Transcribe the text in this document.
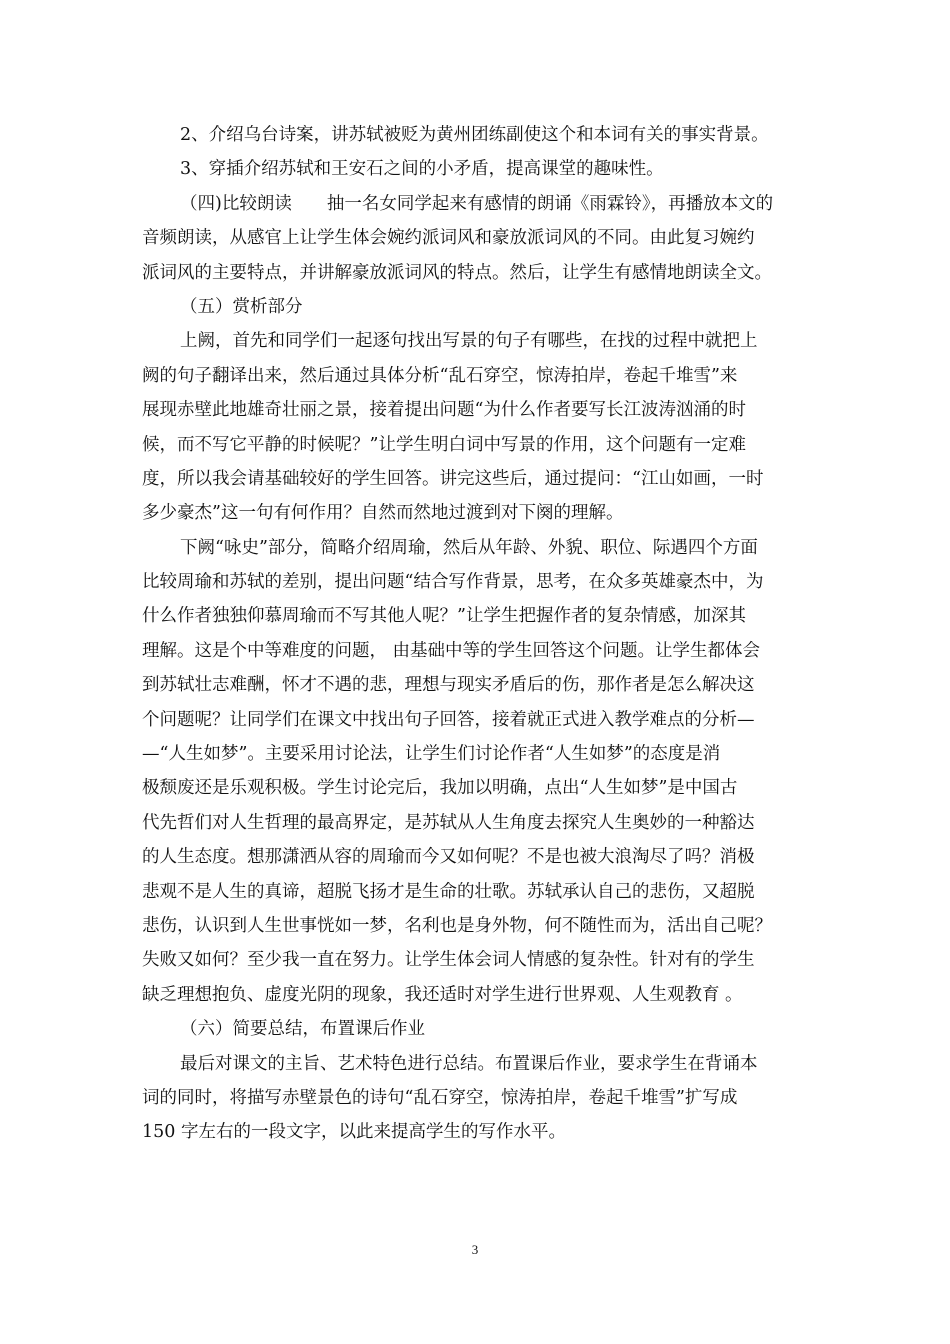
2、介绍乌台诗案，讲苏轼被贬为黄州团练副使这个和本词有关的事实背景。
3、穿插介绍苏轼和王安石之间的小矛盾，提高课堂的趣味性。
（四)比较朗读　　抽一名女同学起来有感情的朗诵《雨霖铃》，再播放本文的
音频朗读，从感官上让学生体会婉约派词风和豪放派词风的不同。由此复习婉约
派词风的主要特点，并讲解豪放派词风的特点。然后，让学生有感情地朗读全文。
（五）赏析部分
上阙，首先和同学们一起逐句找出写景的句子有哪些，在找的过程中就把上
阙的句子翻译出来，然后通过具体分析“乱石穿空，惊涛拍岸，卷起千堆雪”来
展现赤壁此地雄奇壮丽之景，接着提出问题“为什么作者要写长江波涛汹涌的时
候，而不写它平静的时候呢？”让学生明白词中写景的作用，这个问题有一定难
度，所以我会请基础较好的学生回答。讲完这些后，通过提问：“江山如画，一时
多少豪杰”这一句有何作用？自然而然地过渡到对下阕的理解。
下阙“咏史”部分，简略介绍周瑜，然后从年龄、外貌、职位、际遇四个方面
比较周瑜和苏轼的差别，提出问题“结合写作背景，思考，在众多英雄豪杰中，为
什么作者独独仰慕周瑜而不写其他人呢？”让学生把握作者的复杂情感，加深其
理解。这是个中等难度的问题， 由基础中等的学生回答这个问题。让学生都体会
到苏轼壮志难酬，怀才不遇的悲，理想与现实矛盾后的伤，那作者是怎么解决这
个问题呢？让同学们在课文中找出句子回答，接着就正式进入教学难点的分析—
—“人生如梦”。主要采用讨论法，让学生们讨论作者“人生如梦”的态度是消
极颓废还是乐观积极。学生讨论完后，我加以明确，点出“人生如梦”是中国古
代先哲们对人生哲理的最高界定，是苏轼从人生角度去探究人生奥妙的一种豁达
的人生态度。想那潇洒从容的周瑜而今又如何呢？不是也被大浪淘尽了吗？消极
悲观不是人生的真谛，超脱飞扬才是生命的壮歌。苏轼承认自己的悲伤，又超脱
悲伤，认识到人生世事恍如一梦，名利也是身外物，何不随性而为，活出自己呢？
失败又如何？至少我一直在努力。让学生体会词人情感的复杂性。针对有的学生
缺乏理想抱负、虚度光阴的现象，我还适时对学生进行世界观、人生观教育 。
（六）简要总结，布置课后作业
最后对课文的主旨、艺术特色进行总结。布置课后作业，要求学生在背诵本
词的同时，将描写赤壁景色的诗句“乱石穿空，惊涛拍岸，卷起千堆雪”扩写成
150 字左右的一段文字，以此来提高学生的写作水平。
3
